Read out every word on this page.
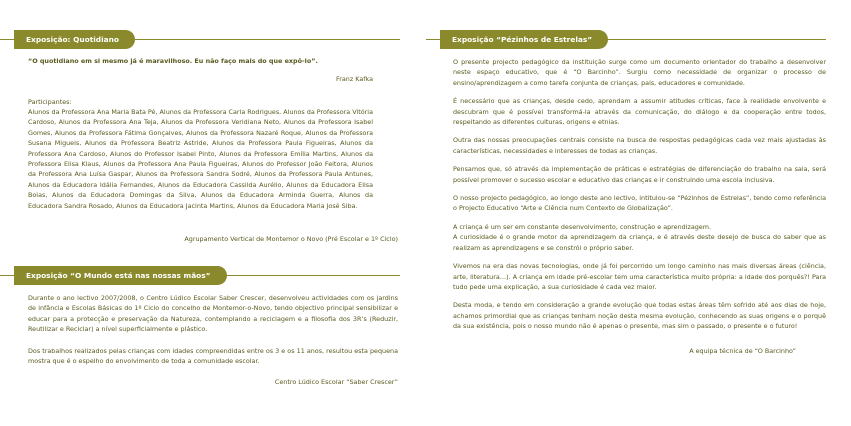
Exposição: Quotidiano
“O quotidiano em si mesmo já é maravilhoso. Eu não faço mais do que expô-lo”.
Franz Kafka
Participantes:
Alunos da Professora Ana Maria Bata Pé, Alunos da Professora Carla Rodrigues, Alunos da Professora Vitória Cardoso, Alunos da Professora Ana Teja, Alunos da Professora Veridiana Neto, Alunos da Professora Isabel Gomes, Alunos da Professora Fátima Gonçalves, Alunos da Professora Nazaré Roque, Alunos da Professora Susana Migueis, Alunos da Professora Beatriz Astride, Alunos da Professora Paula Figueiras, Alunos da Professora Ana Cardoso, Alunos do Professor Isabel Pinto, Alunos da Professora Emília Martins, Alunos da Professora Elisa Klaus, Alunos da Professora Ana Paula Figueiras, Alunos do Professor João Feitora, Alunos da Professora Ana Luísa Gaspar, Alunos da Professora Sandra Sodré, Alunos da Professora Paula Antunes, Alunos da Educadora Idália Fernandes, Alunos da Educadora Cassilda Aurélio, Alunos da Educadora Elisa Boias, Alunos da Educadora Domingas da Silva, Alunos da Educadora Arminda Guerra, Alunos da Educadora Sandra Rosado, Alunos da Educadora Jacinta Martins, Alunos da Educadora Maria José Siba.
Agrupamento Vertical de Montemor o Novo (Pré Escolar e 1º Ciclo)
Exposição “O Mundo está nas nossas mãos”
Durante o ano lectivo 2007/2008, o Centro Lúdico Escolar Saber Crescer, desenvolveu actividades com os jardins de infância e Escolas Básicas do 1º Ciclo do concelho de Montemor-o-Novo, tendo objectivo principal sensibilizar e educar para a protecção e preservação da Natureza, contemplando a reciclagem e a filosofia dos 3R’s (Reduzir, Reutilizar e Reciclar) a nível superficialmente e plástico.
Dos trabalhos realizados pelas crianças com idades compreendidas entre os 3 e os 11 anos, resultou esta pequena mostra que é o espelho do envolvimento de toda a comunidade escolar.
Centro Lúdico Escolar “Saber Crescer”
Exposição “Pézinhos de Estrelas”

O presente projecto pedagógico da instituição surge como um documento orientador do trabalho a desenvolver neste espaço educativo, que é “O Barcinho”. Surgiu como necessidade de organizar o processo de ensino/aprendizagem a como tarefa conjunta de crianças, pais, educadores e comunidade.

É necessário que as crianças, desde cedo, aprendam a assumir atitudes críticas, face à realidade envolvente e descubram que é possível transformá-la através da comunicação, do diálogo e da cooperação entre todos, respeitando as diferentes culturas, origens e etnias.

Outra das nossas preocupações centrais consiste na busca de respostas pedagógicas cada vez mais ajustadas às características, necessidades e interesses de todas as crianças.

Pensamos que, só através da implementação de práticas e estratégias de diferenciação do trabalho na sala, será possível promover o sucesso escolar e educativo das crianças e ir construindo uma escola inclusiva.

O nosso projecto pedagógico, ao longo deste ano lectivo, intitulou-se “Pézinhos de Estrelas”, tendo como referência o Projecto Educativo “Arte e Ciência num Contexto de Globalização”.

A criança é um ser em constante desenvolvimento, construção e aprendizagem.
A curiosidade é o grande motor da aprendizagem da criança, e é através deste desejo de busca do saber que as realizam as aprendizagens e se constrói o próprio saber.

Vivemos na era das novas tecnologias, onde já foi percorrido um longo caminho nas mais diversas áreas (ciência, arte, literatura…). A criança em idade pré-escolar tem uma característica muito própria: a idade dos porquês?! Para tudo pede uma explicação, a sua curiosidade é cada vez maior.

Desta moda, e tendo em consideração a grande evolução que todas estas áreas têm sofrido até aos dias de hoje, achamos primordial que as crianças tenham noção desta mesma evolução, conhecendo as suas origens e o porquê da sua existência, pois o nosso mundo não é apenas o presente, mas sim o passado, o presente e o futuro!

A equipa técnica de “O Barcinho”
